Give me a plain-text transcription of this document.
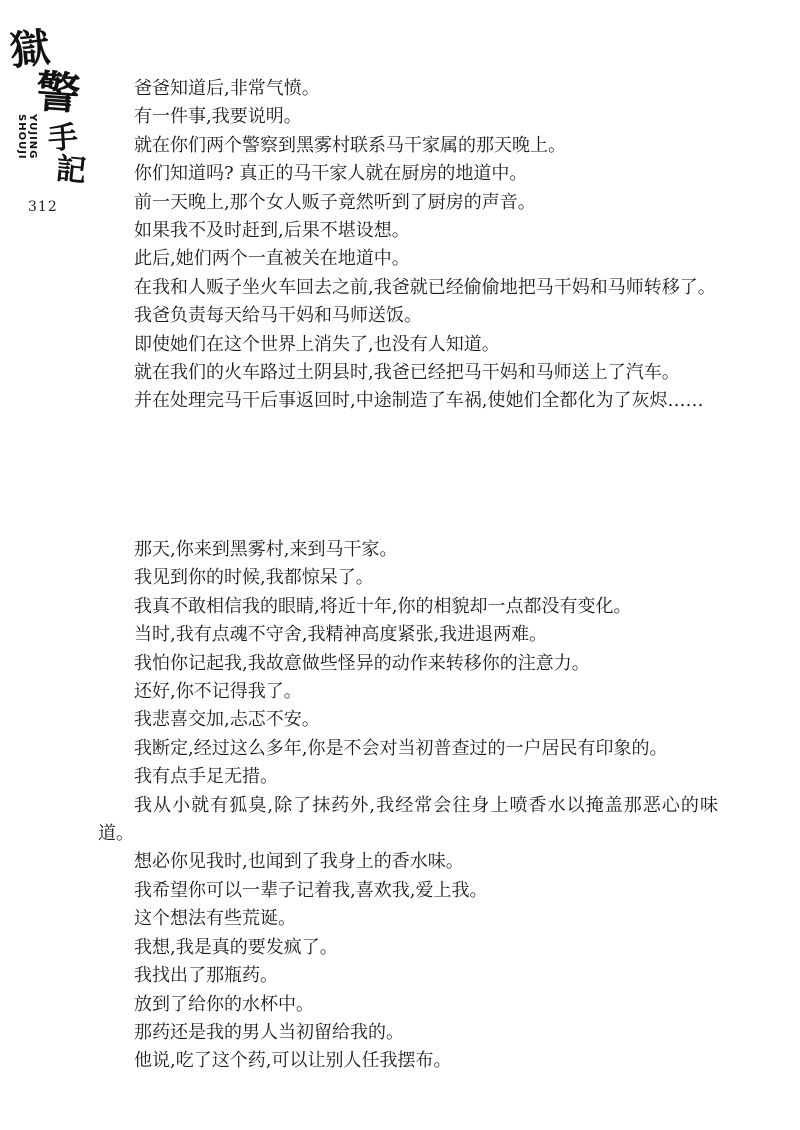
獄
警
手
記
YUJING SHOUJI
312

爸爸知道后,非常气愤。

有一件事,我要说明。

就在你们两个警察到黑雾村联系马干家属的那天晚上。

你们知道吗? 真正的马干家人就在厨房的地道中。

前一天晚上,那个女人贩子竟然听到了厨房的声音。

如果我不及时赶到,后果不堪设想。

此后,她们两个一直被关在地道中。

在我和人贩子坐火车回去之前,我爸就已经偷偷地把马干妈和马师转移了。

我爸负责每天给马干妈和马师送饭。

即使她们在这个世界上消失了,也没有人知道。

就在我们的火车路过土阴县时,我爸已经把马干妈和马师送上了汽车。

并在处理完马干后事返回时,中途制造了车祸,使她们全都化为了灰烬……

那天,你来到黑雾村,来到马干家。

我见到你的时候,我都惊呆了。

我真不敢相信我的眼睛,将近十年,你的相貌却一点都没有变化。

当时,我有点魂不守舍,我精神高度紧张,我进退两难。

我怕你记起我,我故意做些怪异的动作来转移你的注意力。

还好,你不记得我了。

我悲喜交加,忐忑不安。

我断定,经过这么多年,你是不会对当初普查过的一户居民有印象的。

我有点手足无措。

我从小就有狐臭,除了抹药外,我经常会往身上喷香水以掩盖那恶心的味道。

想必你见我时,也闻到了我身上的香水味。

我希望你可以一辈子记着我,喜欢我,爱上我。

这个想法有些荒诞。

我想,我是真的要发疯了。

我找出了那瓶药。

放到了给你的水杯中。

那药还是我的男人当初留给我的。

他说,吃了这个药,可以让别人任我摆布。
